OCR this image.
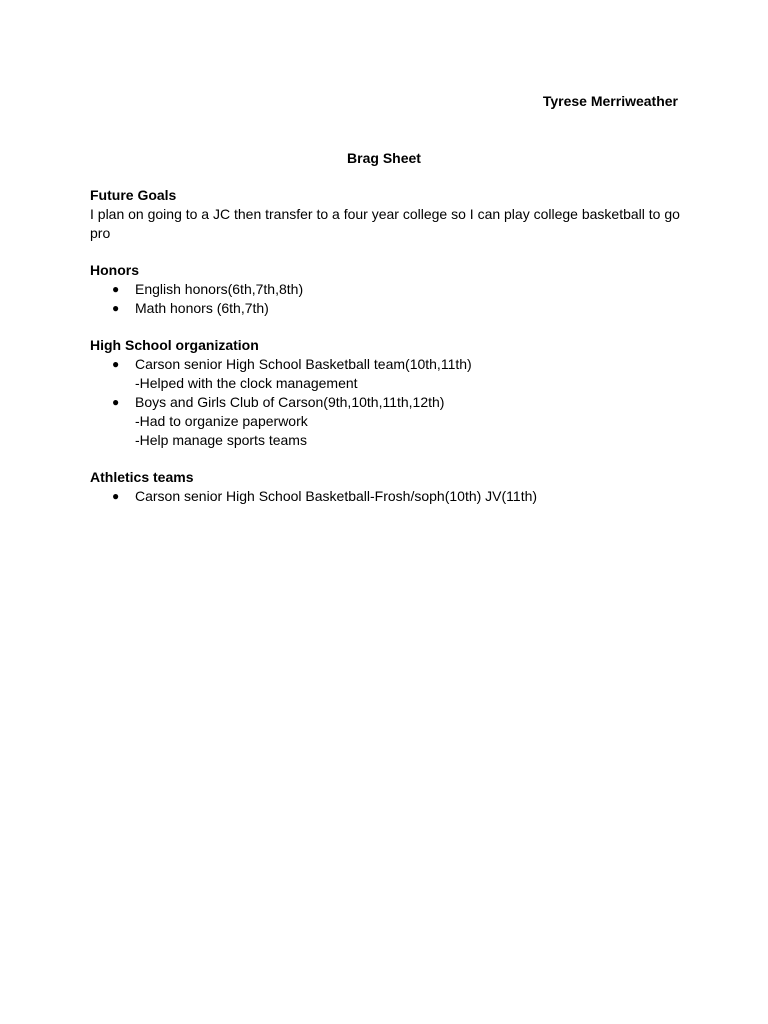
Tyrese Merriweather
Brag Sheet

Future Goals

I plan on going to a JC then transfer to a four year college so I can play college basketball to go pro

Honors

● English honors(6th,7th,8th)
● Math honors (6th,7th)

High School organization

● Carson senior High School Basketball team(10th,11th)
-Helped with the clock management
● Boys and Girls Club of Carson(9th,10th,11th,12th)
-Had to organize paperwork
-Help manage sports teams

Athletics teams

● Carson senior High School Basketball-Frosh/soph(10th) JV(11th)
